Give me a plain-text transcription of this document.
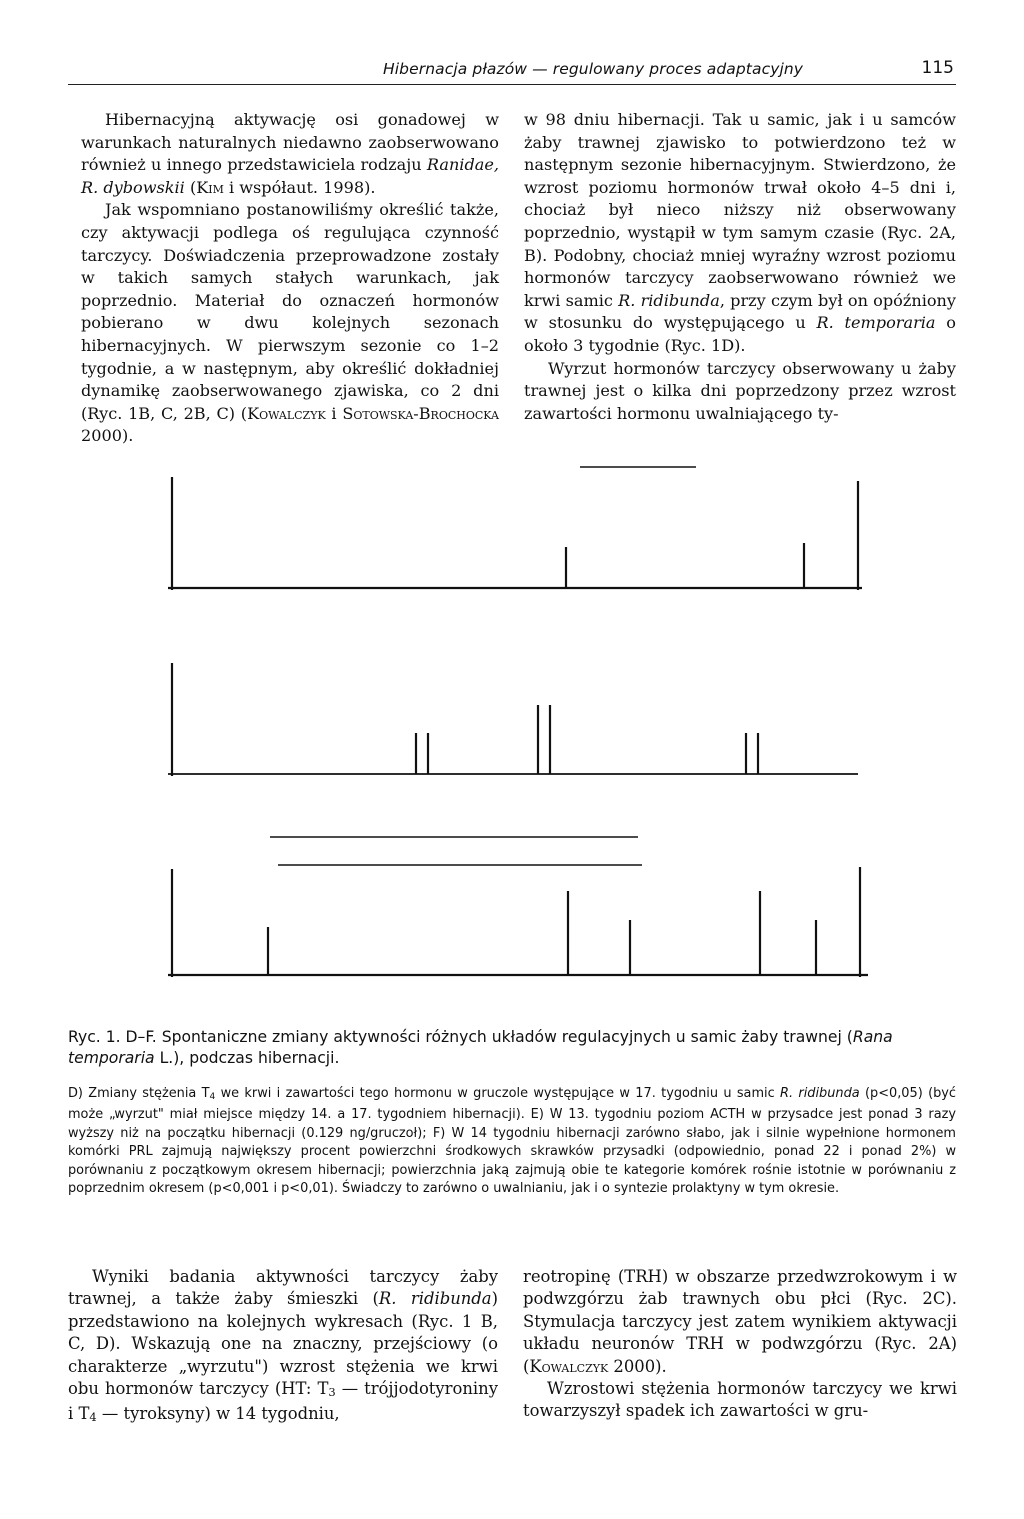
Hibernacja płazów — regulowany proces adaptacyjny	115

Hibernacyjną aktywację osi gonadowej w warunkach naturalnych niedawno zaobserwowano również u innego przedstawiciela rodzaju Ranidae, R. dybowskii (Kim i współaut. 1998).

Jak wspomniano postanowiliśmy określić także, czy aktywacji podlega oś regulująca czynność tarczycy. Doświadczenia przeprowadzone zostały w takich samych stałych warunkach, jak poprzednio. Materiał do oznaczeń hormonów pobierano w dwu kolejnych sezonach hibernacyjnych. W pierwszym sezonie co 1–2 tygodnie, a w następnym, aby określić dokładniej dynamikę zaobserwowanego zjawiska, co 2 dni (Ryc. 1B, C, 2B, C) (Kowalczyk i Sotowska-Brochocka 2000).

w 98 dniu hibernacji. Tak u samic, jak i u samców żaby trawnej zjawisko to potwierdzono też w następnym sezonie hibernacyjnym. Stwierdzono, że wzrost poziomu hormonów trwał około 4–5 dni i, chociaż był nieco niższy niż obserwowany poprzednio, wystąpił w tym samym czasie (Ryc. 2A, B). Podobny, chociaż mniej wyraźny wzrost poziomu hormonów tarczycy zaobserwowano również we krwi samic R. ridibunda, przy czym był on opóźniony w stosunku do występującego u R. temporaria o około 3 tygodnie (Ryc. 1D).

Wyrzut hormonów tarczycy obserwowany u żaby trawnej jest o kilka dni poprzedzony przez wzrost zawartości hormonu uwalniającego ty-

Ryc. 1. D–F. Spontaniczne zmiany aktywności różnych układów regulacyjnych u samic żaby trawnej (Rana temporaria L.), podczas hibernacji.

D) Zmiany stężenia $T_4$ we krwi i zawartości tego hormonu w gruczole występujące w 17. tygodniu u samic R. ridibunda (p<0,05) (być może „wyrzut" miał miejsce między 14. a 17. tygodniem hibernacji). E) W 13. tygodniu poziom ACTH w przysadce jest ponad 3 razy wyższy niż na początku hibernacji (0.129 ng/gruczoł); F) W 14 tygodniu hibernacji zarówno słabo, jak i silnie wypełnione hormonem komórki PRL zajmują największy procent powierzchni środkowych skrawków przysadki (odpowiednio, ponad 22 i ponad 2%) w porównaniu z początkowym okresem hibernacji; powierzchnia jaką zajmują obie te kategorie komórek rośnie istotnie w porównaniu z poprzednim okresem (p<0,001 i p<0,01). Świadczy to zarówno o uwalnianiu, jak i o syntezie prolaktyny w tym okresie.

Wyniki badania aktywności tarczycy żaby trawnej, a także żaby śmieszki (R. ridibunda) przedstawiono na kolejnych wykresach (Ryc. 1 B, C, D). Wskazują one na znaczny, przejściowy (o charakterze „wyrzutu") wzrost stężenia we krwi obu hormonów tarczycy (HT: $T_3$ — trójjodotyroniny i $T_4$ — tyroksyny) w 14 tygodniu,

reotropinę (TRH) w obszarze przedwzrokowym i w podwzgórzu żab trawnych obu płci (Ryc. 2C). Stymulacja tarczycy jest zatem wynikiem aktywacji układu neuronów TRH w podwzgórzu (Ryc. 2A) (Kowalczyk 2000).

Wzrostowi stężenia hormonów tarczycy we krwi towarzyszył spadek ich zawartości w gru-
